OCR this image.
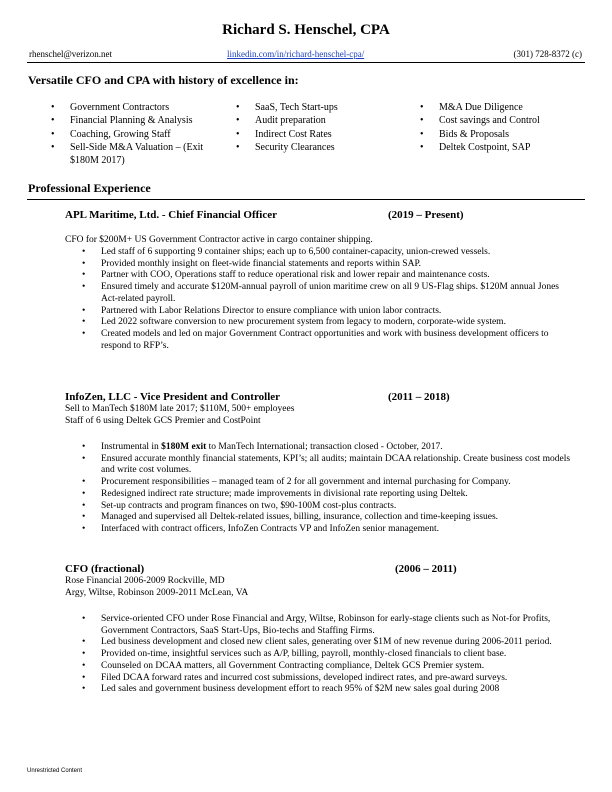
Richard S. Henschel, CPA
rhenschel@verizon.net	linkedin.com/in/richard-henschel-cpa/	(301) 728-8372 (c)
Versatile CFO and CPA with history of excellence in:
• Government Contractors
• Financial Planning & Analysis
• Coaching, Growing Staff
• Sell-Side M&A Valuation – (Exit $180M 2017)
• SaaS, Tech Start-ups
• Audit preparation
• Indirect Cost Rates
• Security Clearances
• M&A Due Diligence
• Cost savings and Control
• Bids & Proposals
• Deltek Costpoint, SAP
Professional Experience
APL Maritime, Ltd. - Chief Financial Officer	(2019 – Present)
CFO for $200M+ US Government Contractor active in cargo container shipping.
• Led staff of 6 supporting 9 container ships; each up to 6,500 container-capacity, union-crewed vessels.
• Provided monthly insight on fleet-wide financial statements and reports within SAP.
• Partner with COO, Operations staff to reduce operational risk and lower repair and maintenance costs.
• Ensured timely and accurate $120M-annual payroll of union maritime crew on all 9 US-Flag ships. $120M annual Jones Act-related payroll.
• Partnered with Labor Relations Director to ensure compliance with union labor contracts.
• Led 2022 software conversion to new procurement system from legacy to modern, corporate-wide system.
• Created models and led on major Government Contract opportunities and work with business development officers to respond to RFP’s.
InfoZen, LLC - Vice President and Controller	(2011 – 2018)
Sell to ManTech $180M late 2017; $110M, 500+ employees
Staff of 6 using Deltek GCS Premier and CostPoint
• Instrumental in $180M exit to ManTech International; transaction closed - October, 2017.
• Ensured accurate monthly financial statements, KPI’s; all audits; maintain DCAA relationship. Create business cost models and write cost volumes.
• Procurement responsibilities – managed team of 2 for all government and internal purchasing for Company.
• Redesigned indirect rate structure; made improvements in divisional rate reporting using Deltek.
• Set-up contracts and program finances on two, $90-100M cost-plus contracts.
• Managed and supervised all Deltek-related issues, billing, insurance, collection and time-keeping issues.
• Interfaced with contract officers, InfoZen Contracts VP and InfoZen senior management.
CFO (fractional)	(2006 – 2011)
Rose Financial 2006-2009 Rockville, MD
Argy, Wiltse, Robinson 2009-2011 McLean, VA
• Service-oriented CFO under Rose Financial and Argy, Wiltse, Robinson for early-stage clients such as Not-for Profits, Government Contractors, SaaS Start-Ups, Bio-techs and Staffing Firms.
• Led business development and closed new client sales, generating over $1M of new revenue during 2006-2011 period.
• Provided on-time, insightful services such as A/P, billing, payroll, monthly-closed financials to client base.
• Counseled on DCAA matters, all Government Contracting compliance, Deltek GCS Premier system.
• Filed DCAA forward rates and incurred cost submissions, developed indirect rates, and pre-award surveys.
• Led sales and government business development effort to reach 95% of $2M new sales goal during 2008
Unrestricted Content
